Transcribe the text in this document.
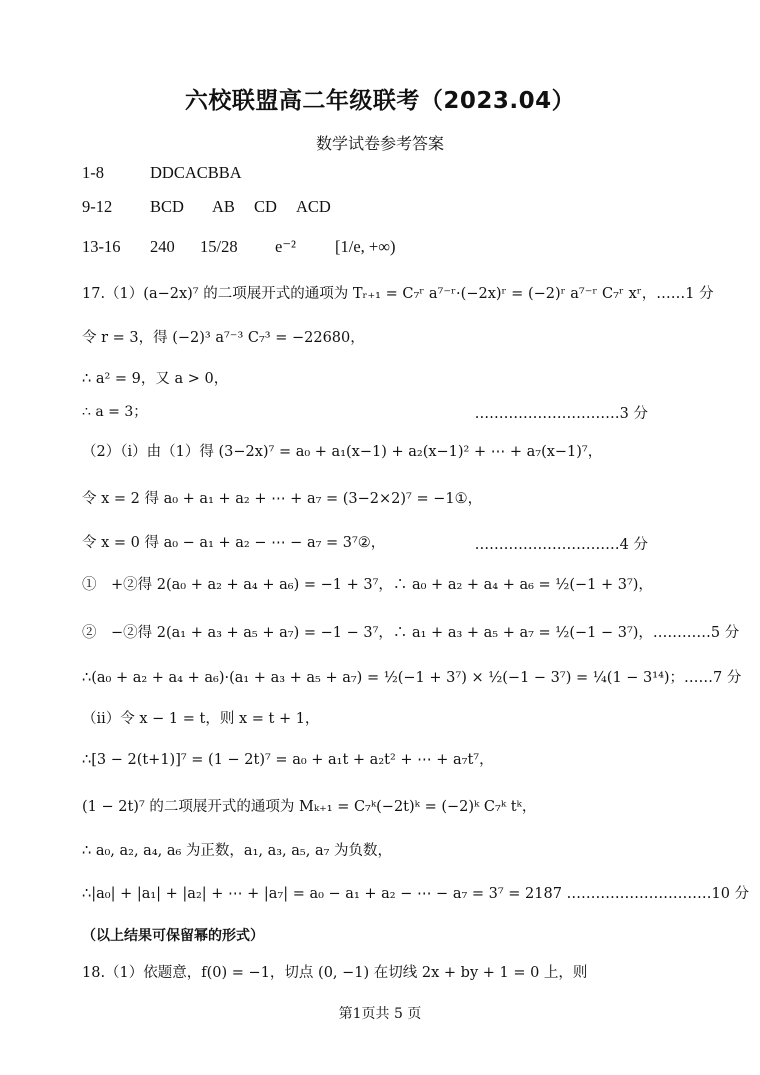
六校联盟高二年级联考（2023.04）
数学试卷参考答案
1-8	DDCACBBA
9-12 BCD AB CD ACD
13-16 240 15/28 e⁻² [1/e, +∞)
17.（1）(a−2x)⁷ 的二项展开式的通项为 Tᵣ₊₁ = C₇ʳ a⁷⁻ʳ·(−2x)ʳ = (−2)ʳ a⁷⁻ʳ C₇ʳ xʳ，……1 分
令 r = 3，得 (−2)³ a⁷⁻³ C₇³ = −22680，
∴ a² = 9，又 a > 0，
∴ a = 3；	…………………………3 分
（2）（i）由（1）得 (3−2x)⁷ = a₀ + a₁(x−1) + a₂(x−1)² + ⋯ + a₇(x−1)⁷，
令 x = 2 得 a₀ + a₁ + a₂ + ⋯ + a₇ = (3−2×2)⁷ = −1①，
令 x = 0 得 a₀ − a₁ + a₂ − ⋯ − a₇ = 3⁷②，	…………………………4 分
①　+②得 2(a₀ + a₂ + a₄ + a₆) = −1 + 3⁷，∴ a₀ + a₂ + a₄ + a₆ = ½(−1 + 3⁷)，
②　−②得 2(a₁ + a₃ + a₅ + a₇) = −1 − 3⁷，∴ a₁ + a₃ + a₅ + a₇ = ½(−1 − 3⁷)，…………5 分
∴(a₀ + a₂ + a₄ + a₆)·(a₁ + a₃ + a₅ + a₇) = ½(−1 + 3⁷) × ½(−1 − 3⁷) = ¼(1 − 3¹⁴)；……7 分
（ii）令 x − 1 = t，则 x = t + 1，
∴[3 − 2(t+1)]⁷ = (1 − 2t)⁷ = a₀ + a₁t + a₂t² + ⋯ + a₇t⁷，
(1 − 2t)⁷ 的二项展开式的通项为 Mₖ₊₁ = C₇ᵏ(−2t)ᵏ = (−2)ᵏ C₇ᵏ tᵏ，
∴ a₀, a₂, a₄, a₆ 为正数，a₁, a₃, a₅, a₇ 为负数，
∴|a₀| + |a₁| + |a₂| + ⋯ + |a₇| = a₀ − a₁ + a₂ − ⋯ − a₇ = 3⁷ = 2187 …………………………10 分
（以上结果可保留幂的形式）
18.（1）依题意，f(0) = −1，切点 (0, −1) 在切线 2x + by + 1 = 0 上，则
第1页共 5 页
